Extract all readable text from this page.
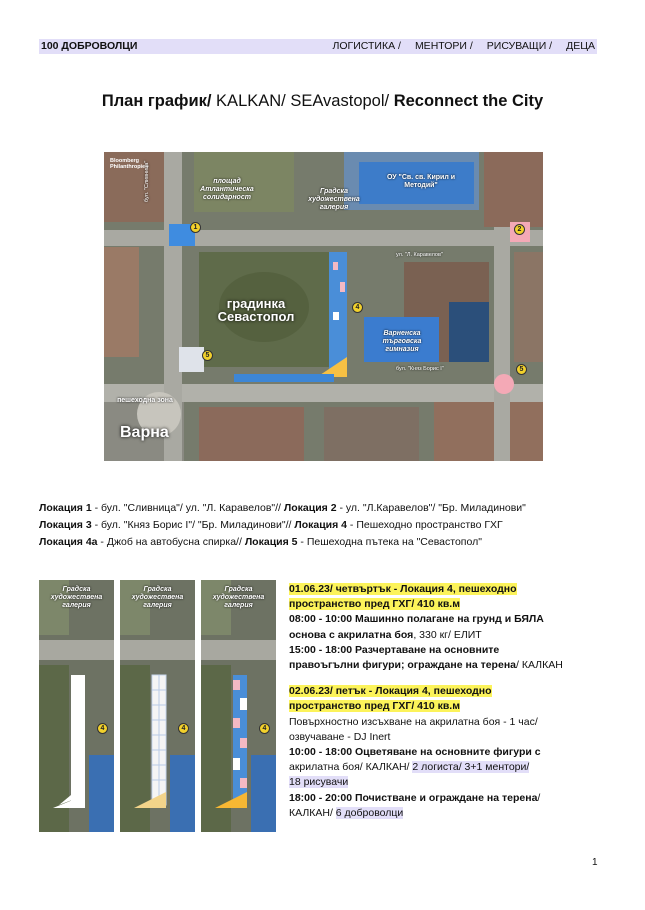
100 ДОБРОВОЛЦИ	ЛОГИСТИКА / МЕНТОРИ / РИСУВАЩИ / ДЕЦА
План график/ KALKAN/ SEAvastopol/ Reconnect the City
Bloomberg Philanthropies
площад Атлантическа солидарност
Градска художествена галерия
ОУ "Св. св. Кирил и Методий"
градинка Севастопол
Варненска търговска гимназия
пешеходна зона
Варна
бул. "Сливница"
ул. "Л. Каравелов"
бул. "Княз Борис I"
1	2
4
5
5
Локация 1 - бул. "Сливница"/ ул. "Л. Каравелов"// Локация 2 - ул. "Л.Каравелов"/ "Бр. Миладинови"
Локация 3 - бул. "Княз Борис I"/ "Бр. Миладинови"// Локация 4 - Пешеходно пространство ГХГ
Локация 4а - Джоб на автобусна спирка// Локация 5 - Пешеходна пътека на "Севастопол"
Градска художествена галерия
4
Градска художествена галерия
4
Градска художествена галерия
4

01.06.23/ четвъртък - Локация 4, пешеходно

пространство пред ГХГ/ 410 кв.м

08:00 - 10:00 Машинно полагане на грунд и БЯЛА

основа с акрилатна боя, 330 кг/ ЕЛИТ

15:00 - 18:00 Разчертаване на основните

правоъгълни фигури; ограждане на терена/ КАЛКАН

02.06.23/ петък - Локация 4, пешеходно

пространство пред ГХГ/ 410 кв.м

Повърхностно изсъхване на акрилатна боя - 1 час/

озвучаване - DJ Inert

10:00 - 18:00 Оцветяване на основните фигури с

акрилатна боя/ КАЛКАН/ 2 логиста/ 3+1 ментори/

18 рисувачи

18:00 - 20:00 Почистване и ограждане на терена/

КАЛКАН/ 6 доброволци

1
